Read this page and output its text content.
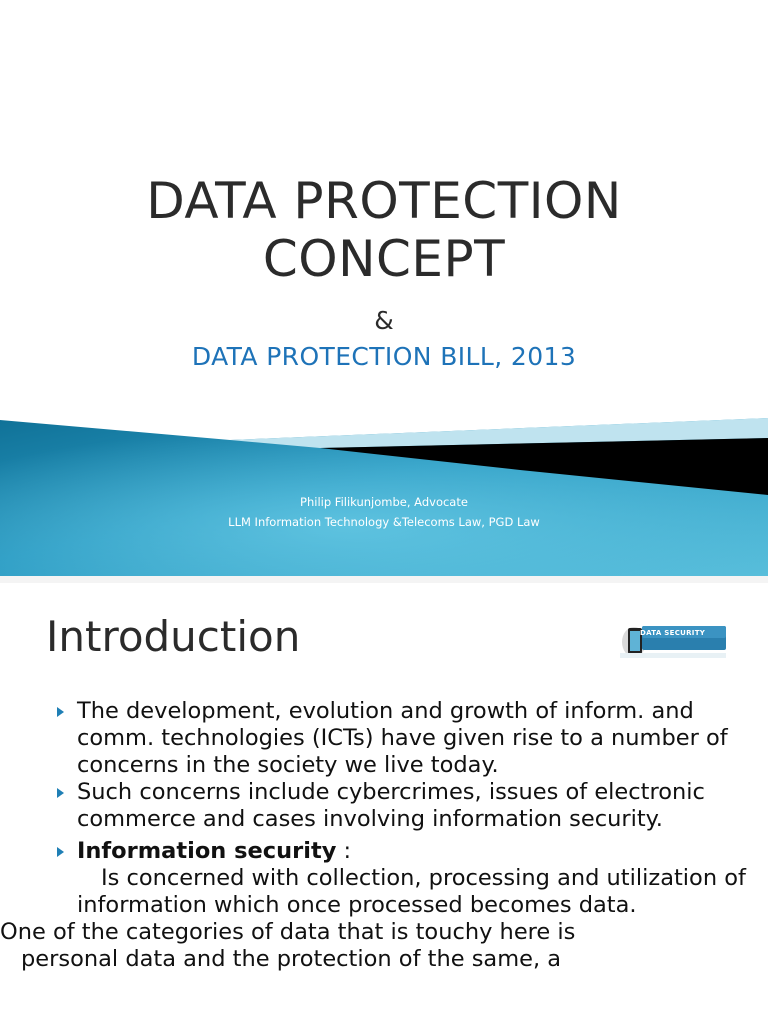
DATA PROTECTION
CONCEPT
&
DATA PROTECTION BILL, 2013
Philip Filikunjombe, Advocate
LLM Information Technology &Telecoms Law, PGD Law
Introduction	DATA SECURITY

The development, evolution and growth of inform. and comm. technologies (ICTs) have given rise to a number of concerns in the society we live today.

Such concerns include cybercrimes, issues of electronic commerce and cases involving information security.

Information security :

Is concerned with collection, processing and utilization of information which once processed becomes data.

One of the categories of data that is touchy here is
personal data and the protection of the same, a
